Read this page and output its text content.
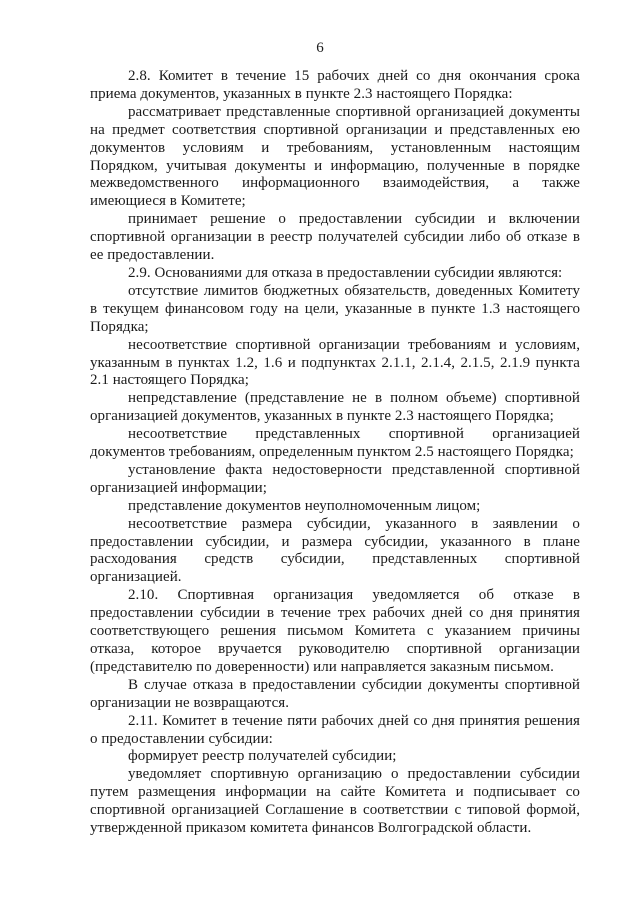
6

2.8. Комитет в течение 15 рабочих дней со дня окончания срока приема документов, указанных в пункте 2.3 настоящего Порядка:

рассматривает представленные спортивной организацией документы на предмет соответствия спортивной организации и представленных ею документов условиям и требованиям, установленным настоящим Порядком, учитывая документы и информацию, полученные в порядке межведомственного информационного взаимодействия, а также имеющиеся в Комитете;

принимает решение о предоставлении субсидии и включении спортивной организации в реестр получателей субсидии либо об отказе в ее предоставлении.

2.9. Основаниями для отказа в предоставлении субсидии являются:

отсутствие лимитов бюджетных обязательств, доведенных Комитету в текущем финансовом году на цели, указанные в пункте 1.3 настоящего Порядка;

несоответствие спортивной организации требованиям и условиям, указанным в пунктах 1.2, 1.6 и подпунктах 2.1.1, 2.1.4, 2.1.5, 2.1.9 пункта 2.1 настоящего Порядка;

непредставление (представление не в полном объеме) спортивной организацией документов, указанных в пункте 2.3 настоящего Порядка;

несоответствие представленных спортивной организацией документов требованиям, определенным пунктом 2.5 настоящего Порядка;

установление факта недостоверности представленной спортивной организацией информации;

представление документов неуполномоченным лицом;

несоответствие размера субсидии, указанного в заявлении о предоставлении субсидии, и размера субсидии, указанного в плане расходования средств субсидии, представленных спортивной организацией.

2.10. Спортивная организация уведомляется об отказе в предоставлении субсидии в течение трех рабочих дней со дня принятия соответствующего решения письмом Комитета с указанием причины отказа, которое вручается руководителю спортивной организации (представителю по доверенности) или направляется заказным письмом.

В случае отказа в предоставлении субсидии документы спортивной организации не возвращаются.

2.11. Комитет в течение пяти рабочих дней со дня принятия решения о предоставлении субсидии:

формирует реестр получателей субсидии;

уведомляет спортивную организацию о предоставлении субсидии путем размещения информации на сайте Комитета и подписывает со спортивной организацией Соглашение в соответствии с типовой формой, утвержденной приказом комитета финансов Волгоградской области.
